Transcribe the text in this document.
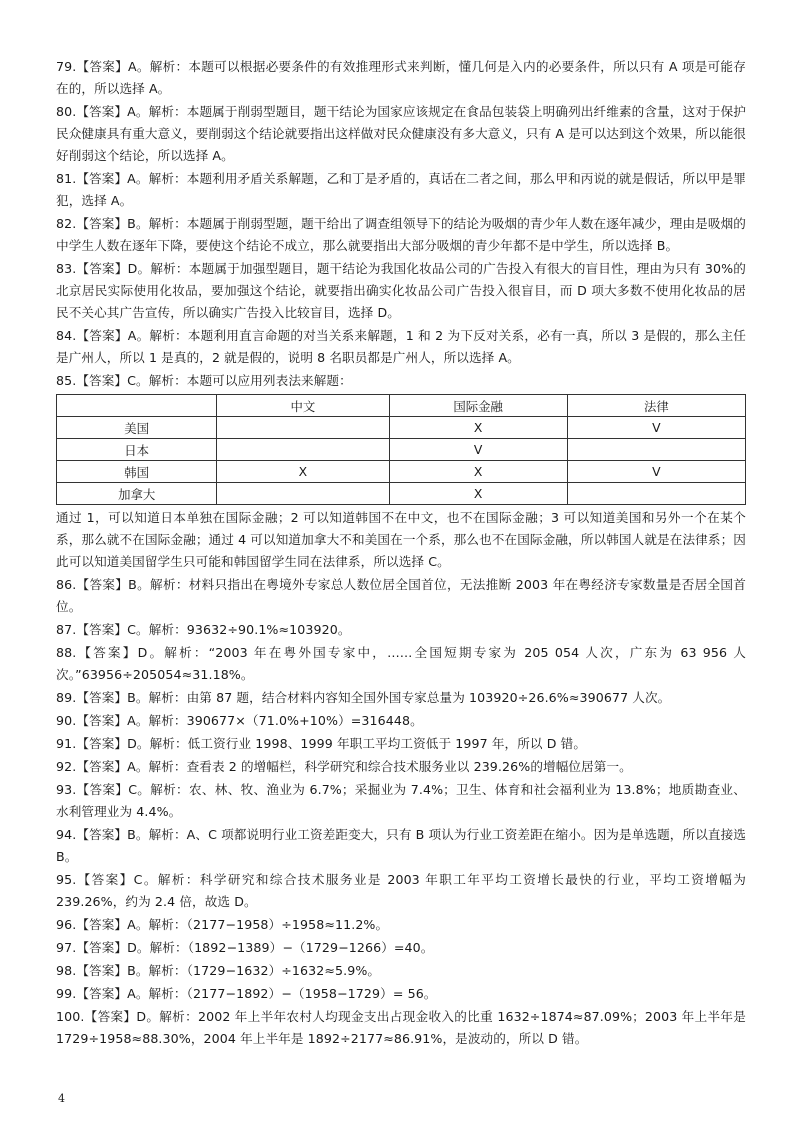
79.【答案】A。解析：本题可以根据必要条件的有效推理形式来判断，懂几何是入内的必要条件，所以只有 A 项是可能存在的，所以选择 A。

80.【答案】A。解析：本题属于削弱型题目，题干结论为国家应该规定在食品包装袋上明确列出纤维素的含量，这对于保护民众健康具有重大意义，要削弱这个结论就要指出这样做对民众健康没有多大意义，只有 A 是可以达到这个效果，所以能很好削弱这个结论，所以选择 A。

81.【答案】A。解析：本题利用矛盾关系解题，乙和丁是矛盾的，真话在二者之间，那么甲和丙说的就是假话，所以甲是罪犯，选择 A。

82.【答案】B。解析：本题属于削弱型题，题干给出了调查组领导下的结论为吸烟的青少年人数在逐年减少，理由是吸烟的中学生人数在逐年下降，要使这个结论不成立，那么就要指出大部分吸烟的青少年都不是中学生，所以选择 B。

83.【答案】D。解析：本题属于加强型题目，题干结论为我国化妆品公司的广告投入有很大的盲目性，理由为只有 30%的北京居民实际使用化妆品，要加强这个结论，就要指出确实化妆品公司广告投入很盲目，而 D 项大多数不使用化妆品的居民不关心其广告宣传，所以确实广告投入比较盲目，选择 D。

84.【答案】A。解析：本题利用直言命题的对当关系来解题，1 和 2 为下反对关系，必有一真，所以 3 是假的，那么主任是广州人，所以 1 是真的，2 就是假的，说明 8 名职员都是广州人，所以选择 A。

85.【答案】C。解析：本题可以应用列表法来解题：

	中文	国际金融	法律
美国		X	V
日本		V	
韩国	X	X	V
加拿大		X	

通过 1，可以知道日本单独在国际金融；2 可以知道韩国不在中文，也不在国际金融；3 可以知道美国和另外一个在某个系，那么就不在国际金融；通过 4 可以知道加拿大不和美国在一个系，那么也不在国际金融，所以韩国人就是在法律系；因此可以知道美国留学生只可能和韩国留学生同在法律系，所以选择 C。

86.【答案】B。解析：材料只指出在粤境外专家总人数位居全国首位，无法推断 2003 年在粤经济专家数量是否居全国首位。

87.【答案】C。解析：93632÷90.1%≈103920。

88.【答案】D。解析：“2003 年在粤外国专家中，……全国短期专家为 205 054 人次，广东为 63 956 人次。”63956÷205054≈31.18%。

89.【答案】B。解析：由第 87 题，结合材料内容知全国外国专家总量为 103920÷26.6%≈390677 人次。

90.【答案】A。解析：390677×（71.0%+10%）=316448。

91.【答案】D。解析：低工资行业 1998、1999 年职工平均工资低于 1997 年，所以 D 错。

92.【答案】A。解析：查看表 2 的增幅栏，科学研究和综合技术服务业以 239.26%的增幅位居第一。

93.【答案】C。解析：农、林、牧、渔业为 6.7%；采掘业为 7.4%；卫生、体育和社会福利业为 13.8%；地质勘查业、水利管理业为 4.4%。

94.【答案】B。解析：A、C 项都说明行业工资差距变大，只有 B 项认为行业工资差距在缩小。因为是单选题，所以直接选 B。

95.【答案】C。解析：科学研究和综合技术服务业是 2003 年职工年平均工资增长最快的行业，平均工资增幅为 239.26%，约为 2.4 倍，故选 D。

96.【答案】A。解析：（2177−1958）÷1958≈11.2%。

97.【答案】D。解析：（1892−1389）−（1729−1266）=40。

98.【答案】B。解析：（1729−1632）÷1632≈5.9%。

99.【答案】A。解析：（2177−1892）−（1958−1729）= 56。

100.【答案】D。解析：2002 年上半年农村人均现金支出占现金收入的比重 1632÷1874≈87.09%；2003 年上半年是 1729÷1958≈88.30%，2004 年上半年是 1892÷2177≈86.91%，是波动的，所以 D 错。

4
